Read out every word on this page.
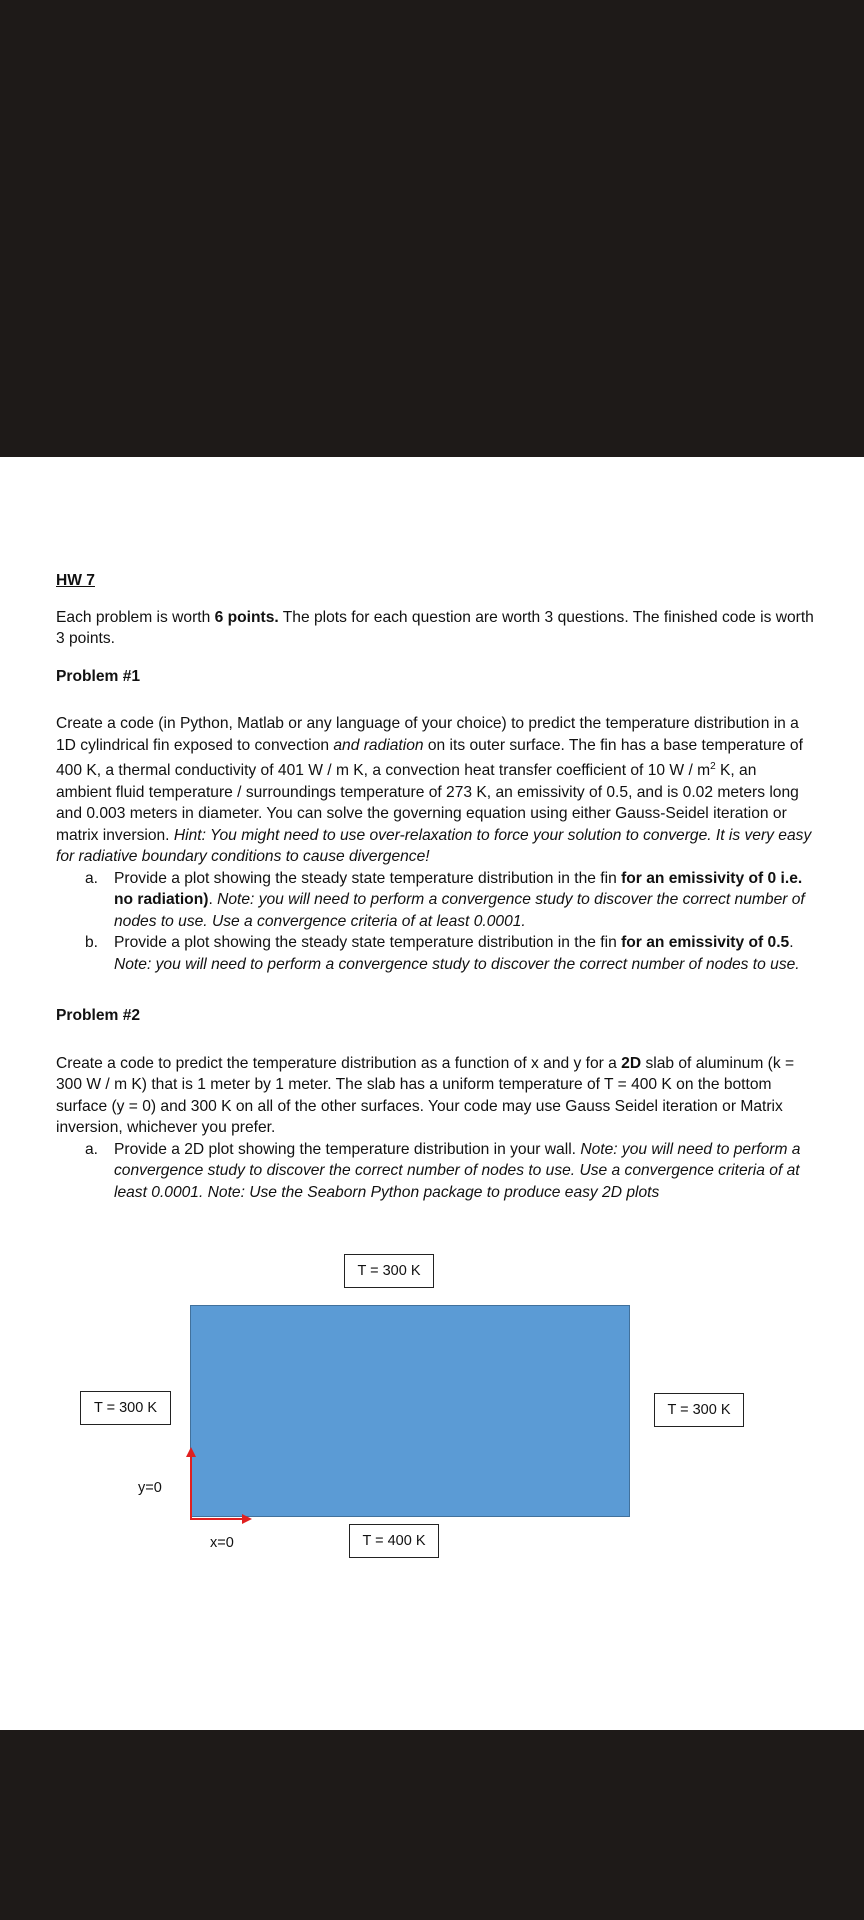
HW 7
Each problem is worth 6 points. The plots for each question are worth 3 questions. The finished code is worth 3 points.
Problem #1
Create a code (in Python, Matlab or any language of your choice) to predict the temperature distribution in a 1D cylindrical fin exposed to convection and radiation on its outer surface. The fin has a base temperature of 400 K, a thermal conductivity of 401 W / m K, a convection heat transfer coefficient of 10 W / $m^2$ K, an ambient fluid temperature / surroundings temperature of 273 K, an emissivity of 0.5, and is 0.02 meters long and 0.003 meters in diameter. You can solve the governing equation using either Gauss-Seidel iteration or matrix inversion. Hint: You might need to use over-relaxation to force your solution to converge. It is very easy for radiative boundary conditions to cause divergence!
a. Provide a plot showing the steady state temperature distribution in the fin for an emissivity of 0 i.e. no radiation). Note: you will need to perform a convergence study to discover the correct number of nodes to use. Use a convergence criteria of at least 0.0001.
b. Provide a plot showing the steady state temperature distribution in the fin for an emissivity of 0.5. Note: you will need to perform a convergence study to discover the correct number of nodes to use.
Problem #2
Create a code to predict the temperature distribution as a function of x and y for a 2D slab of aluminum (k = 300 W / m K) that is 1 meter by 1 meter. The slab has a uniform temperature of T = 400 K on the bottom surface (y = 0) and 300 K on all of the other surfaces. Your code may use Gauss Seidel iteration or Matrix inversion, whichever you prefer.
a. Provide a 2D plot showing the temperature distribution in your wall. Note: you will need to perform a convergence study to discover the correct number of nodes to use. Use a convergence criteria of at least 0.0001. Note: Use the Seaborn Python package to produce easy 2D plots
T = 300 K
T = 300 K	T = 300 K
T = 400 K
y=0
x=0
